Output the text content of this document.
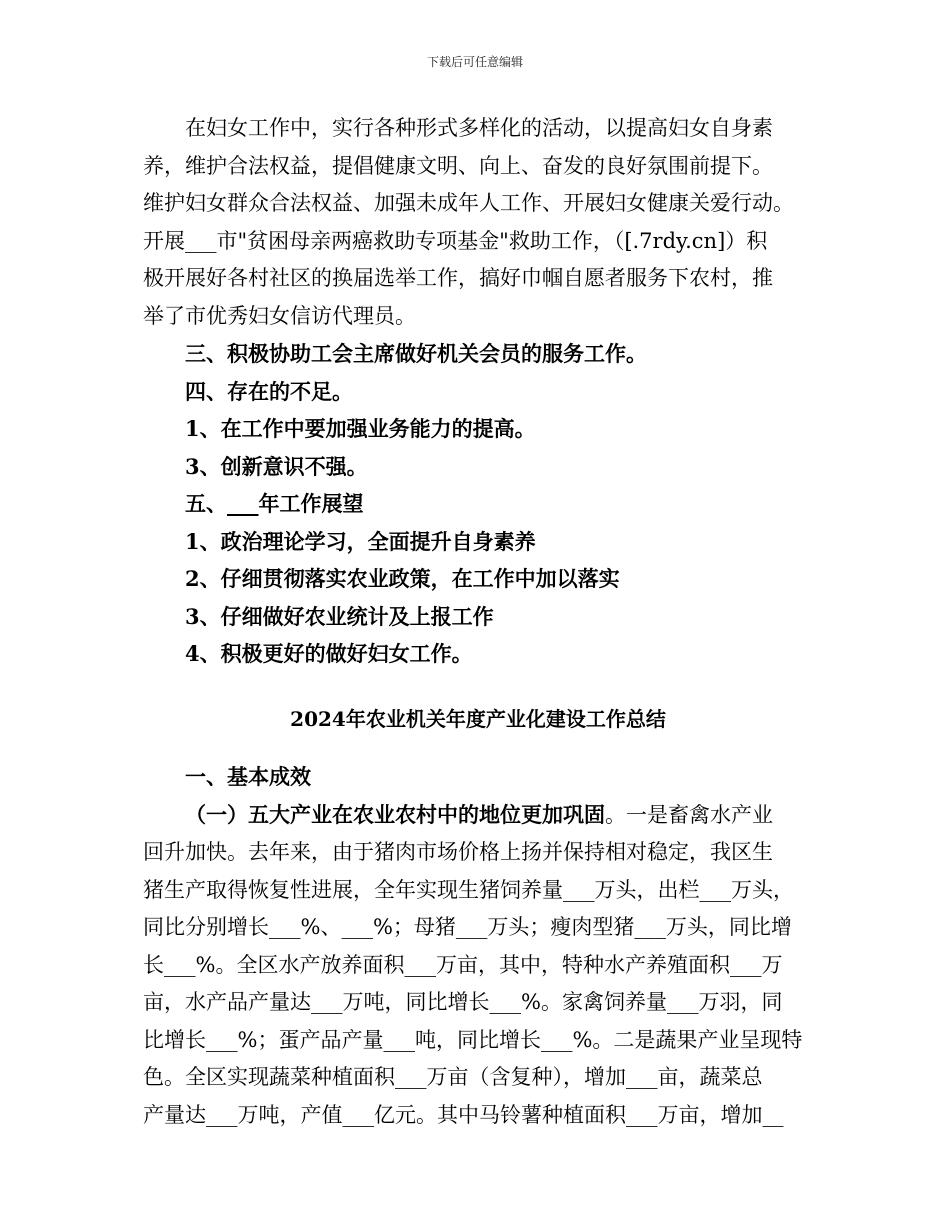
下载后可任意编辑

在妇女工作中，实行各种形式多样化的活动，以提高妇女自身素

养，维护合法权益，提倡健康文明、向上、奋发的良好氛围前提下。

维护妇女群众合法权益、加强未成年人工作、开展妇女健康关爱行动。

开展___市"贫困母亲两癌救助专项基金"救助工作，（[.7rdy.cn]）积

极开展好各村社区的换届选举工作，搞好巾帼自愿者服务下农村，推

举了市优秀妇女信访代理员。

三、积极协助工会主席做好机关会员的服务工作。

四、存在的不足。

1、在工作中要加强业务能力的提高。

3、创新意识不强。

五、___年工作展望

1、政治理论学习，全面提升自身素养

2、仔细贯彻落实农业政策，在工作中加以落实

3、仔细做好农业统计及上报工作

4、积极更好的做好妇女工作。

2024年农业机关年度产业化建设工作总结

一、基本成效

（一）五大产业在农业农村中的地位更加巩固。一是畜禽水产业

回升加快。去年来，由于猪肉市场价格上扬并保持相对稳定，我区生

猪生产取得恢复性进展，全年实现生猪饲养量___万头，出栏___万头，

同比分别增长___%、___%；母猪___万头；瘦肉型猪___万头，同比增

长___%。全区水产放养面积___万亩，其中，特种水产养殖面积___万

亩，水产品产量达___万吨，同比增长___%。家禽饲养量___万羽，同

比增长___%；蛋产品产量___吨，同比增长___%。二是蔬果产业呈现特

色。全区实现蔬菜种植面积___万亩（含复种），增加___亩，蔬菜总

产量达___万吨，产值___亿元。其中马铃薯种植面积___万亩，增加__
